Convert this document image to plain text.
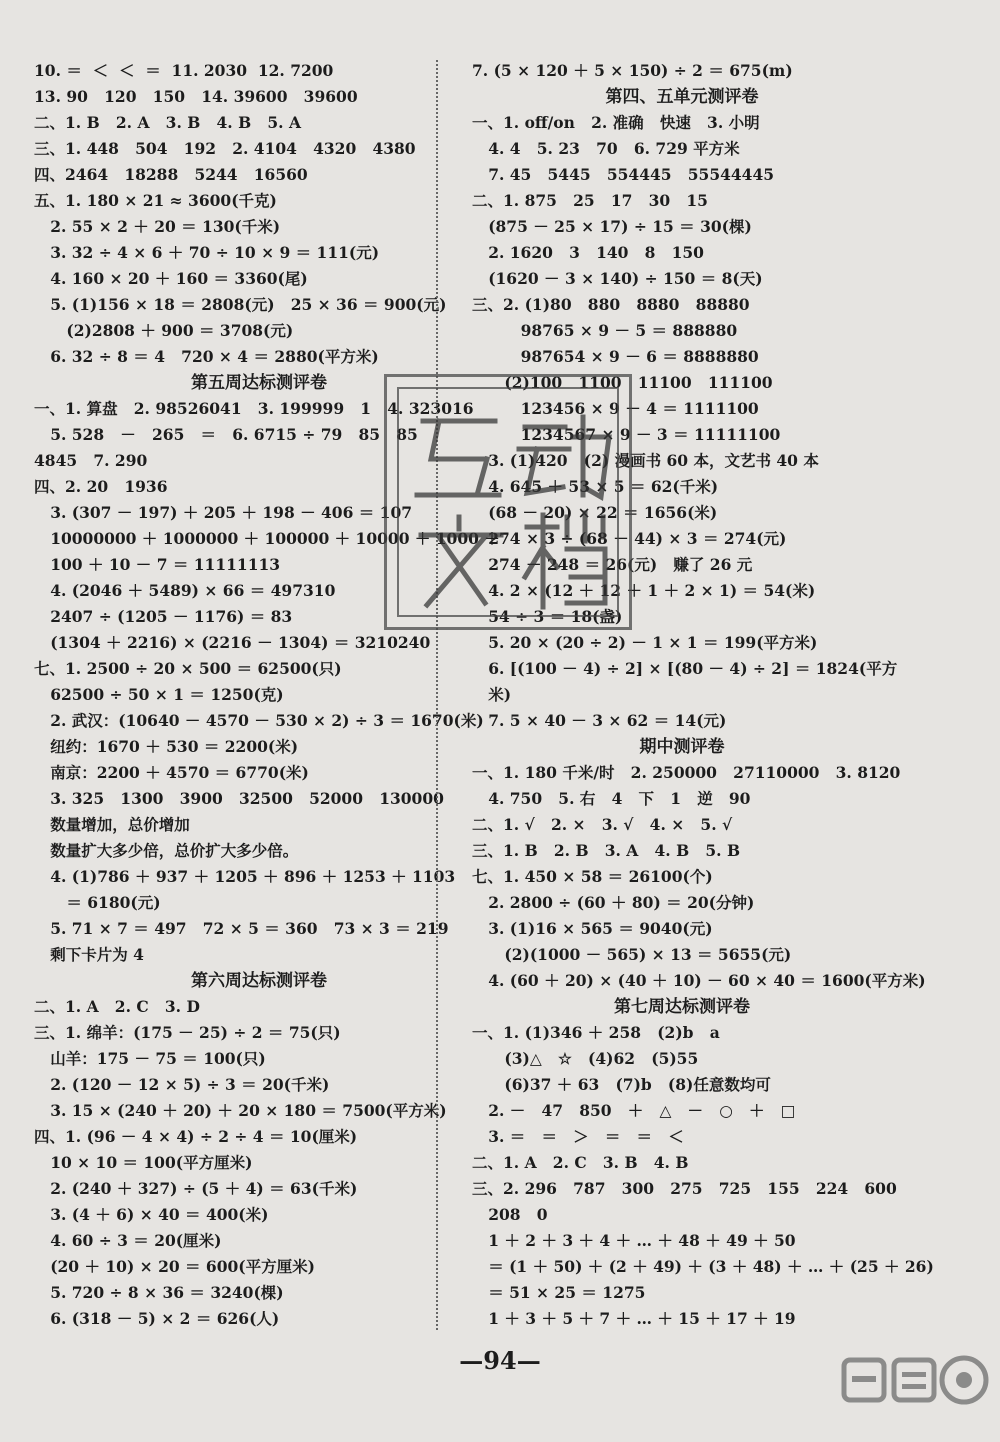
10. ＝  ＜  ＜  ＝  11. 2030  12. 7200
13. 90   120   150   14. 39600   39600
二、1. B   2. A   3. B   4. B   5. A
三、1. 448   504   192   2. 4104   4320   4380
四、2464   18288   5244   16560
五、1. 180 × 21 ≈ 3600(千克)
2. 55 × 2 ＋ 20 ＝ 130(千米)
3. 32 ÷ 4 × 6 ＋ 70 ÷ 10 × 9 ＝ 111(元)
4. 160 × 20 ＋ 160 ＝ 3360(尾)
5. (1)156 × 18 ＝ 2808(元)   25 × 36 ＝ 900(元)
(2)2808 ＋ 900 ＝ 3708(元)
6. 32 ÷ 8 ＝ 4   720 × 4 ＝ 2880(平方米)
第五周达标测评卷
一、1. 算盘   2. 98526041   3. 199999   1   4. 323016
5. 528   －   265   ＝   6. 6715 ÷ 79   85   85
4845   7. 290
四、2. 20   1936
3. (307 － 197) ＋ 205 ＋ 198 － 406 ＝ 107
10000000 ＋ 1000000 ＋ 100000 ＋ 10000 ＋ 1000 ＋
100 ＋ 10 － 7 ＝ 11111113
4. (2046 ＋ 5489) × 66 ＝ 497310
2407 ÷ (1205 － 1176) ＝ 83
(1304 ＋ 2216) × (2216 － 1304) ＝ 3210240
七、1. 2500 ÷ 20 × 500 ＝ 62500(只)
62500 ÷ 50 × 1 ＝ 1250(克)
2. 武汉：(10640 － 4570 － 530 × 2) ÷ 3 ＝ 1670(米)
纽约：1670 ＋ 530 ＝ 2200(米)
南京：2200 ＋ 4570 ＝ 6770(米)
3. 325   1300   3900   32500   52000   130000
数量增加，总价增加
数量扩大多少倍，总价扩大多少倍。
4. (1)786 ＋ 937 ＋ 1205 ＋ 896 ＋ 1253 ＋ 1103
＝ 6180(元)
5. 71 × 7 ＝ 497   72 × 5 ＝ 360   73 × 3 ＝ 219
剩下卡片为 4
第六周达标测评卷
二、1. A   2. C   3. D
三、1. 绵羊：(175 － 25) ÷ 2 ＝ 75(只)
山羊：175 － 75 ＝ 100(只)
2. (120 － 12 × 5) ÷ 3 ＝ 20(千米)
3. 15 × (240 ＋ 20) ＋ 20 × 180 ＝ 7500(平方米)
四、1. (96 － 4 × 4) ÷ 2 ÷ 4 ＝ 10(厘米)
10 × 10 ＝ 100(平方厘米)
2. (240 ＋ 327) ÷ (5 ＋ 4) ＝ 63(千米)
3. (4 ＋ 6) × 40 ＝ 400(米)
4. 60 ÷ 3 ＝ 20(厘米)
(20 ＋ 10) × 20 ＝ 600(平方厘米)
5. 720 ÷ 8 × 36 ＝ 3240(棵)
6. (318 － 5) × 2 ＝ 626(人)
7. (5 × 120 ＋ 5 × 150) ÷ 2 ＝ 675(m)
第四、五单元测评卷
一、1. off/on   2. 准确   快速   3. 小明
4. 4   5. 23   70   6. 729 平方米
7. 45   5445   554445   55544445
二、1. 875   25   17   30   15
(875 － 25 × 17) ÷ 15 ＝ 30(棵)
2. 1620   3   140   8   150
(1620 － 3 × 140) ÷ 150 ＝ 8(天)
三、2. (1)80   880   8880   88880
98765 × 9 － 5 ＝ 888880
987654 × 9 － 6 ＝ 8888880
(2)100   1100   11100   111100
123456 × 9 － 4 ＝ 1111100
1234567 × 9 － 3 ＝ 11111100
3. (1)420   (2) 漫画书 60 本，文艺书 40 本
4. 645 ＋ 53 × 5 ＝ 62(千米)
(68 － 20) × 22 ＝ 1656(米)
274 × 3 ÷ (68 － 44) × 3 ＝ 274(元)
274 － 248 ＝ 26(元)   赚了 26 元
4. 2 × (12 ＋ 12 ＋ 1 ＋ 2 × 1) ＝ 54(米)
54 ÷ 3 ＝ 18(盏)
5. 20 × (20 ÷ 2) － 1 × 1 ＝ 199(平方米)
6. [(100 － 4) ÷ 2] × [(80 － 4) ÷ 2] ＝ 1824(平方
米)
7. 5 × 40 － 3 × 62 ＝ 14(元)
期中测评卷
一、1. 180 千米/时   2. 250000   27110000   3. 8120
4. 750   5. 右   4   下   1   逆   90
二、1. √   2. ×   3. √   4. ×   5. √
三、1. B   2. B   3. A   4. B   5. B
七、1. 450 × 58 ＝ 26100(个)
2. 2800 ÷ (60 ＋ 80) ＝ 20(分钟)
3. (1)16 × 565 ＝ 9040(元)
(2)(1000 － 565) × 13 ＝ 5655(元)
4. (60 ＋ 20) × (40 ＋ 10) － 60 × 40 ＝ 1600(平方米)
第七周达标测评卷
一、1. (1)346 ＋ 258   (2)b   a
(3)△   ☆   (4)62   (5)55
(6)37 ＋ 63   (7)b   (8)任意数均可
2. －   47   850   ＋   △   －   ○   ＋   □
3. ＝   ＝   ＞   ＝   ＝   ＜
二、1. A   2. C   3. B   4. B
三、2. 296   787   300   275   725   155   224   600
208   0
1 ＋ 2 ＋ 3 ＋ 4 ＋ … ＋ 48 ＋ 49 ＋ 50
＝ (1 ＋ 50) ＋ (2 ＋ 49) ＋ (3 ＋ 48) ＋ … ＋ (25 ＋ 26)
＝ 51 × 25 ＝ 1275
1 ＋ 3 ＋ 5 ＋ 7 ＋ … ＋ 15 ＋ 17 ＋ 19
—94—
